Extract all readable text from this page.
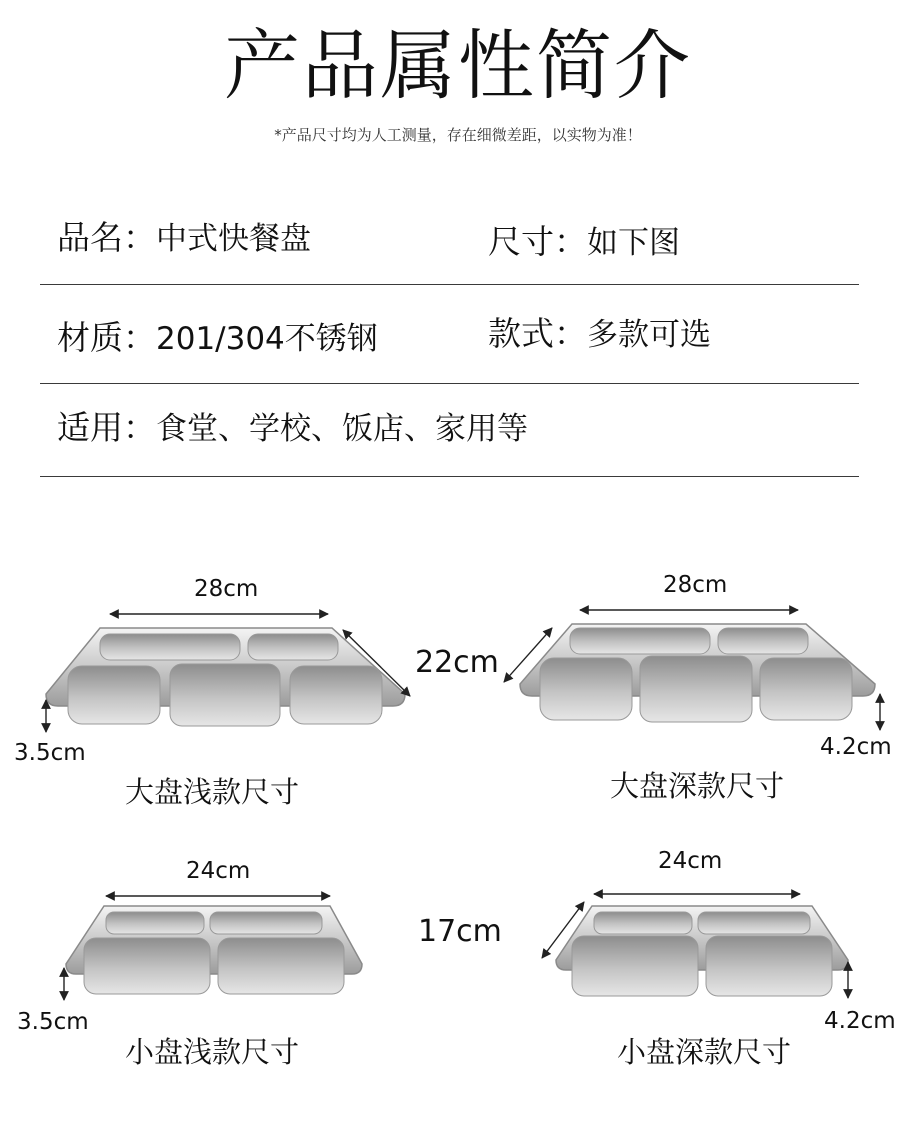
产品属性简介
*产品尺寸均为人工测量，存在细微差距，以实物为准！
品名：中式快餐盘	尺寸：如下图
材质：201/304不锈钢	款式：多款可选
适用：食堂、学校、饭店、家用等
28cm
3.5cm
大盘浅款尺寸
22cm
28cm
4.2cm
大盘深款尺寸
24cm
3.5cm
小盘浅款尺寸
17cm
24cm
4.2cm
小盘深款尺寸
